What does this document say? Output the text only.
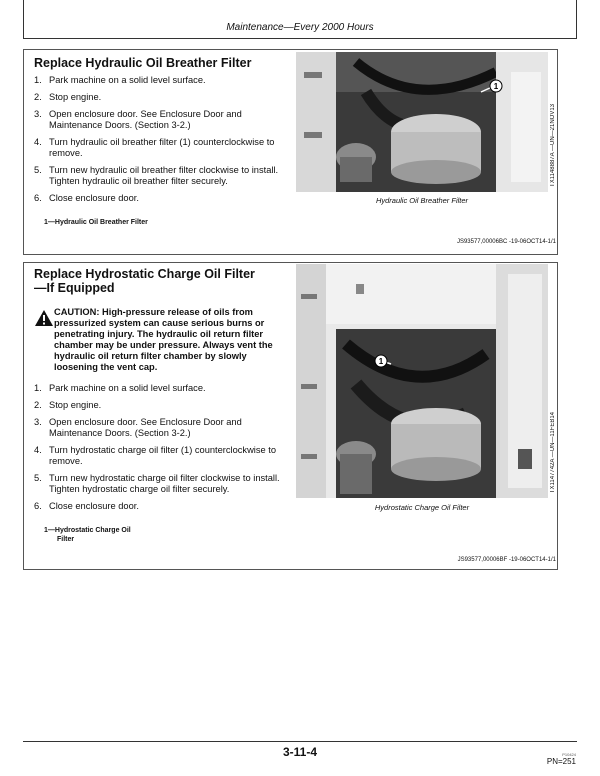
Maintenance—Every 2000 Hours
Replace Hydraulic Oil Breather Filter
1. Park machine on a solid level surface.
2. Stop engine.
3. Open enclosure door. See Enclosure Door and Maintenance Doors. (Section 3-2.)
4. Turn hydraulic oil breather filter (1) counterclockwise to remove.
5. Turn new hydraulic oil breather filter clockwise to install. Tighten hydraulic oil breather filter securely.
6. Close enclosure door.
1—Hydraulic Oil Breather Filter
1
Hydraulic Oil Breather Filter
TX1148887A —UN—21NOV13
JS93577,00006BC -19-06OCT14-1/1
Replace Hydrostatic Charge Oil Filter—If Equipped
CAUTION: High-pressure release of oils from pressurized system can cause serious burns or penetrating injury. The hydraulic oil return filter chamber may be under pressure. Always vent the hydraulic oil return filter chamber by slowly loosening the vent cap.
1. Park machine on a solid level surface.
2. Stop engine.
3. Open enclosure door. See Enclosure Door and Maintenance Doors. (Section 3-2.)
4. Turn hydrostatic charge oil filter (1) counterclockwise to remove.
5. Turn new hydrostatic charge oil filter clockwise to install. Tighten hydrostatic charge oil filter securely.
6. Close enclosure door.
1—Hydrostatic Charge Oil
Filter
1
Hydrostatic Charge Oil Filter
TX1147742A —UN—11FEB14
JS93577,00006BF -19-06OCT14-1/1
3-11-4	P10424
PN=251
